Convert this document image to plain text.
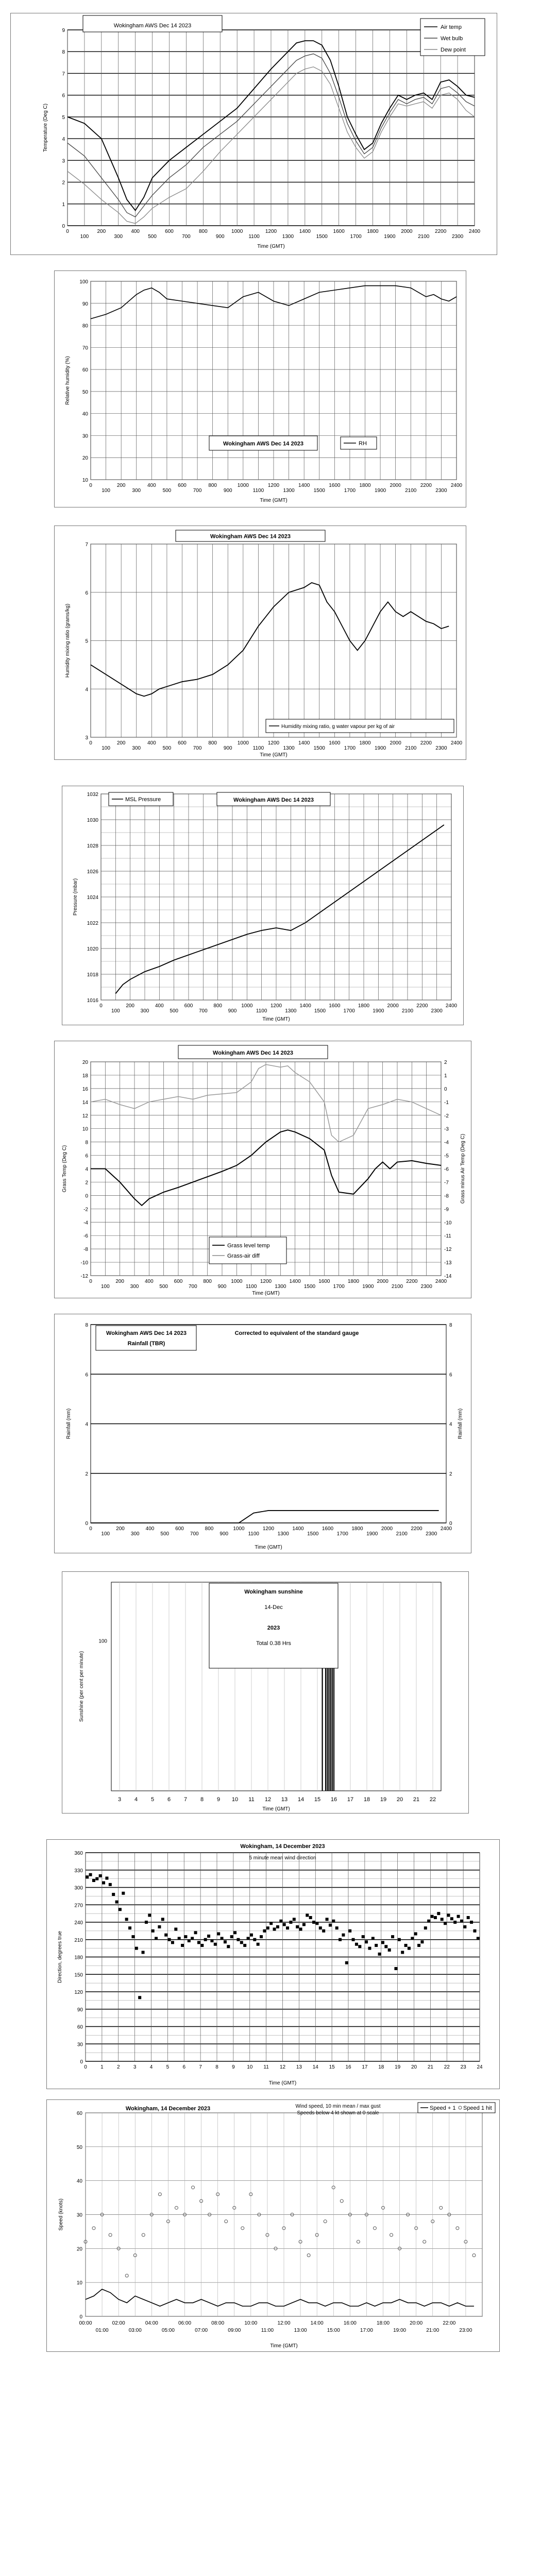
0
1
2
3
4
5
6
7
8
9
0
100
200
300
400
500
600
700
800
900
1000
1100
1200
1300
1400
1500
1600
1700
1800
1900
2000
2100
2200
2300
2400
Wokingham AWS Dec 14 2023	Air temp
Wet bulb
Dew point
Temperature (Deg C)
Time (GMT)
10
20
30
40
50
60
70
80
90
100
0
100
200
300
400
500
600
700
800
900
1000
1100
1200
1300
1400
1500
1600
1700
1800
1900
2000
2100
2200
2300
2400
Wokingham AWS Dec 14 2023	RH
Relative humidity (%)
Time (GMT)
3
4
5
6
7
0
100
200
300
400
500
600
700
800
900
1000
1100
1200
1300
1400
1500
1600
1700
1800
1900
2000
2100
2200
2300
2400
Wokingham AWS Dec 14 2023
Humidity mixing ratio, g water vapour per kg of air
Humidity mixing ratio (grams/kg)
Time (GMT)
1016
1018
1020
1022
1024
1026
1028
1030
1032
0
100
200
300
400
500
600
700
800
900
1000
1100
1200
1300
1400
1500
1600
1700
1800
1900
2000
2100
2200
2300
2400
MSL Pressure	Wokingham AWS Dec 14 2023
Pressure (mbar)
Time (GMT)
-12
-10
-8
-6
-4
-2
0
2
4
6
8
10
12
14
16
18
20
0
100
200
300
400
500
600
700
800
900
1000
1100
1200
1300
1400
1500
1600
1700
1800
1900
2000
2100
2200
2300
2400
-14
-13
-12
-11
-10
-9
-8
-7
-6
-5
-4
-3
-2
-1
0
1
2
Wokingham AWS Dec 14 2023
Grass level temp
Grass-air diff
Grass Temp (Deg C)	Grass minus Air Temp (Deg C)
Time (GMT)
0
2
4
6
8
0
100
200
300
400
500
600
700
800
900
1000
1100
1200
1300
1400
1500
1600
1700
1800
1900
2000
2100
2200
2300
2400
0
2
4
6
8
Wokingham AWS Dec 14 2023
Rainfall (TBR)
Corrected to equivalent of the standard gauge
Rainfall (mm)	Rainfall (mm)
Time (GMT)
3 4 5 6 7 8 9 10 11 12 13 14 15 16 17 18 19 20 21 22
100
Wokingham sunshine
14-Dec
2023
Total 0.38 Hrs
Sunshine (per cent per minute)
Time (GMT)
0
30
60
90
120
150
180
210
240
270
300
330
360
0	1	2	3	4	5	6	7	8	9 10 11 12 13 14 15 16 17 18 19 20 21 22 23 24
Wokingham, 14 December 2023
5 minute mean wind direction
Direction, degrees true
Time (GMT)
0
10
20
30
40
50
60
00:00	02:00	04:00	06:00	08:00	10:00	12:00	14:00	16:00	18:00	20:00	22:00
01:00	03:00	05:00	07:00	09:00	11:00	13:00	15:00	17:00	19:00	21:00	23:00
Wokingham, 14 December 2023	Wind speed, 10 min mean / max gust
Speeds below 4 kt shown at 0 scale
Speed + 1 Speed 1 hit
Speed (knots)
Time (GMT)
